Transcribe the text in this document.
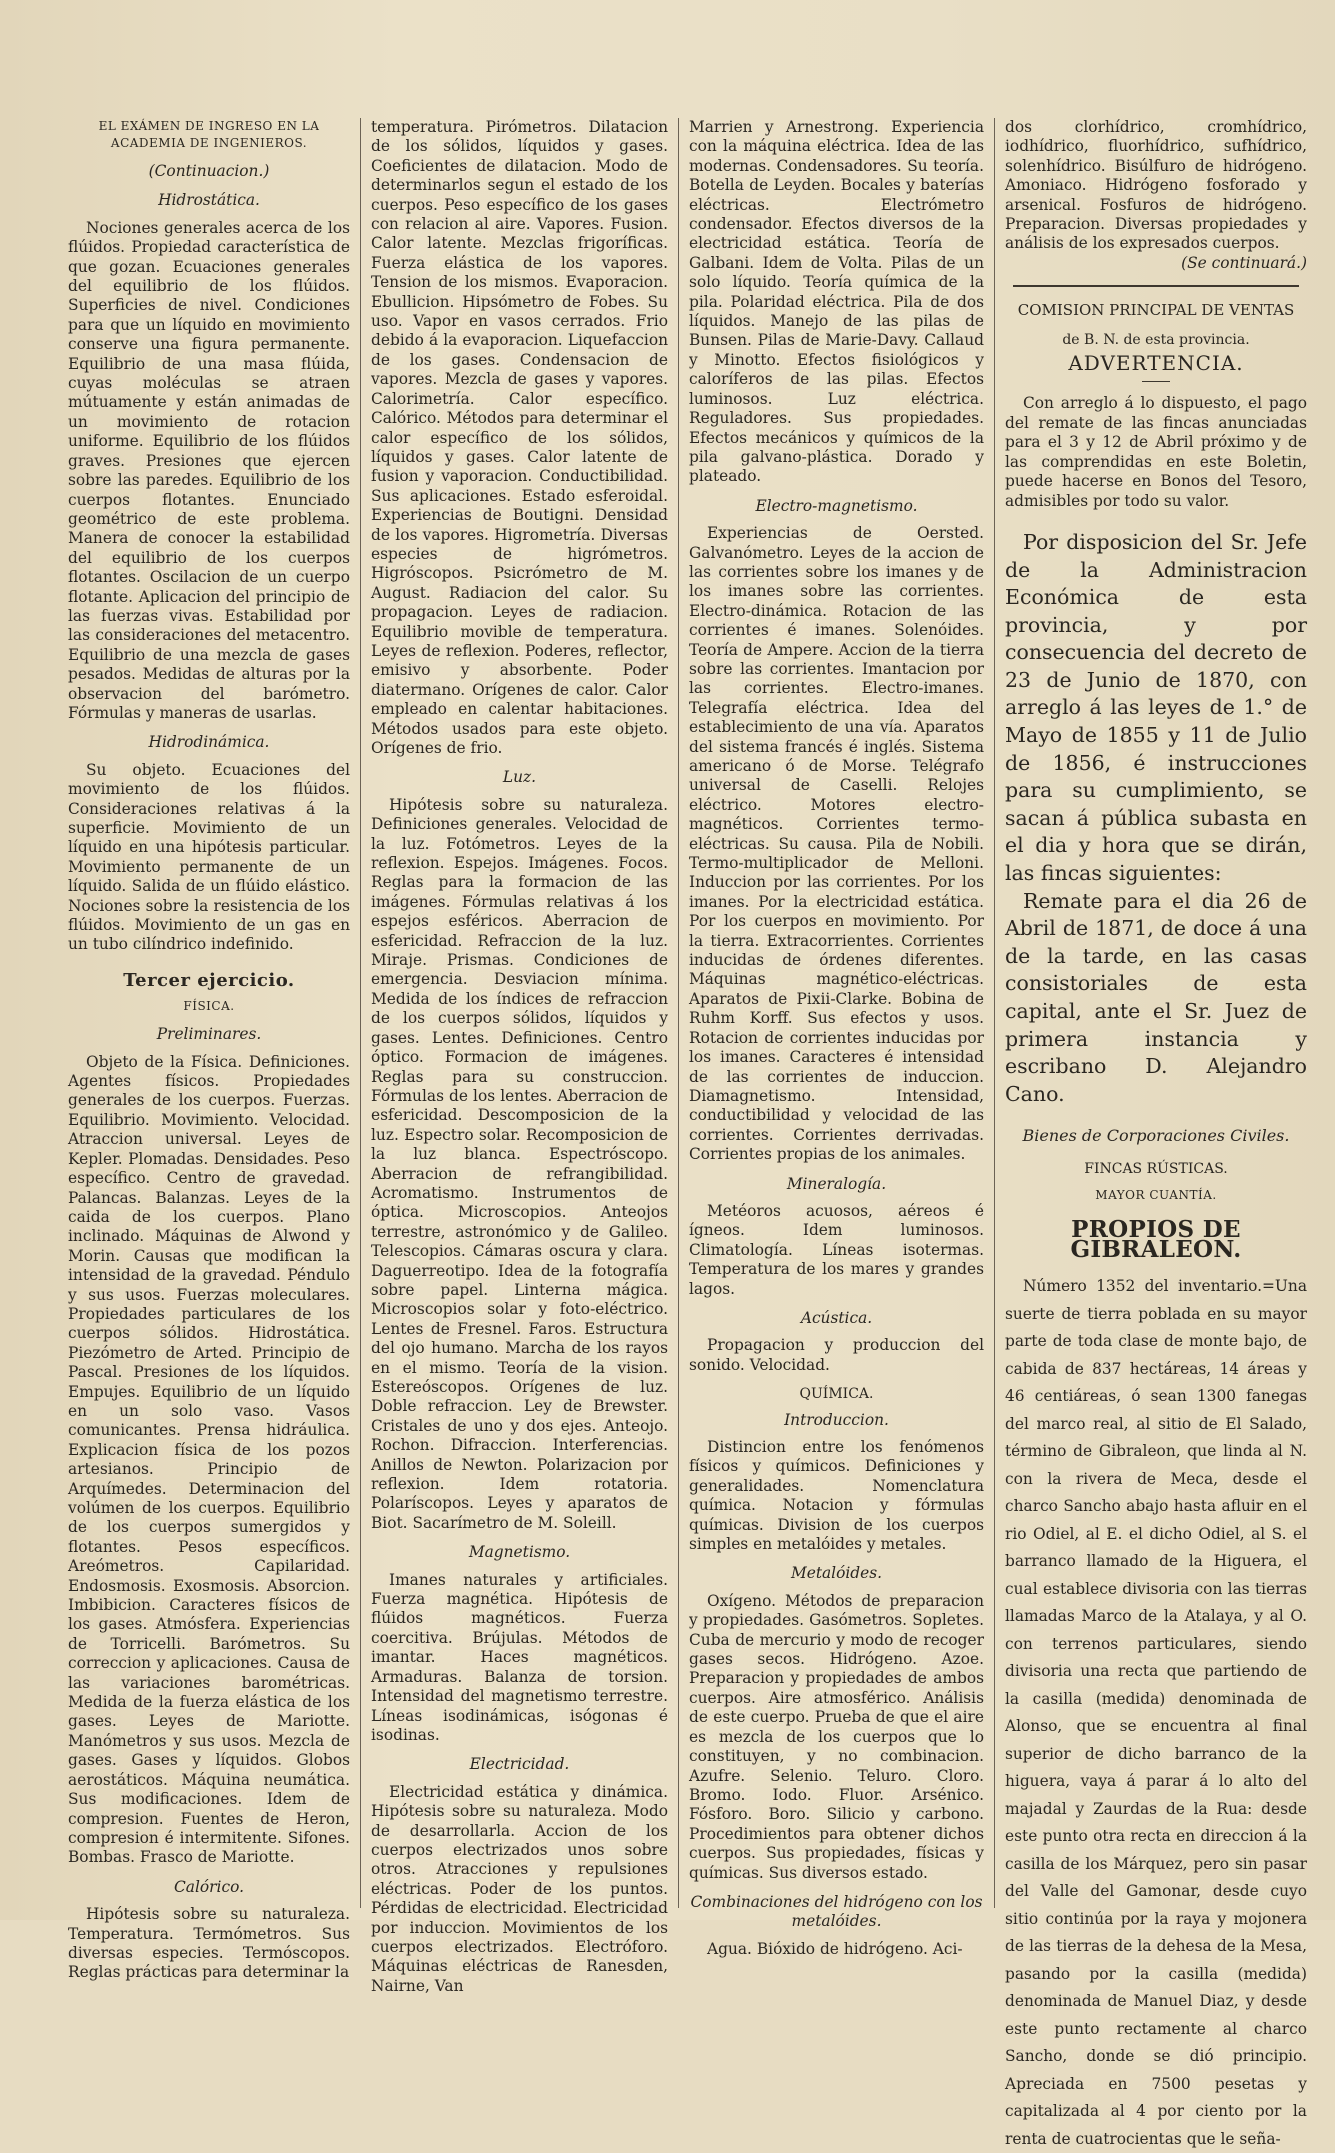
EL EXÁMEN DE INGRESO EN LA ACADEMIA DE INGENIEROS.

(Continuacion.)

Hidrostática.

Nociones generales acerca de los flúidos. Propiedad característica de que gozan. Ecuaciones generales del equilibrio de los flúidos. Superficies de nivel. Condiciones para que un líquido en movimiento conserve una figura permanente. Equilibrio de una masa flúida, cuyas moléculas se atraen mútuamente y están animadas de un movimiento de rotacion uniforme. Equilibrio de los flúidos graves. Presiones que ejercen sobre las paredes. Equilibrio de los cuerpos flotantes. Enunciado geométrico de este problema. Manera de conocer la estabilidad del equilibrio de los cuerpos flotantes. Oscilacion de un cuerpo flotante. Aplicacion del principio de las fuerzas vivas. Estabilidad por las consideraciones del metacentro. Equilibrio de una mezcla de gases pesados. Medidas de alturas por la observacion del barómetro. Fórmulas y maneras de usarlas.

Hidrodinámica.

Su objeto. Ecuaciones del movimiento de los flúidos. Consideraciones relativas á la superficie. Movimiento de un líquido en una hipótesis particular. Movimiento permanente de un líquido. Salida de un flúido elástico. Nociones sobre la resistencia de los flúidos. Movimiento de un gas en un tubo cilíndrico indefinido.

Tercer ejercicio.

FÍSICA.

Preliminares.

Objeto de la Física. Definiciones. Agentes físicos. Propiedades generales de los cuerpos. Fuerzas. Equilibrio. Movimiento. Velocidad. Atraccion universal. Leyes de Kepler. Plomadas. Densidades. Peso específico. Centro de gravedad. Palancas. Balanzas. Leyes de la caida de los cuerpos. Plano inclinado. Máquinas de Alwond y Morin. Causas que modifican la intensidad de la gravedad. Péndulo y sus usos. Fuerzas moleculares. Propiedades particulares de los cuerpos sólidos. Hidrostática. Piezómetro de Arted. Principio de Pascal. Presiones de los líquidos. Empujes. Equilibrio de un líquido en un solo vaso. Vasos comunicantes. Prensa hidráulica. Explicacion física de los pozos artesianos. Principio de Arquímedes. Determinacion del volúmen de los cuerpos. Equilibrio de los cuerpos sumergidos y flotantes. Pesos específicos. Areómetros. Capilaridad. Endosmosis. Exosmosis. Absorcion. Imbibicion. Caracteres físicos de los gases. Atmósfera. Experiencias de Torricelli. Barómetros. Su correccion y aplicaciones. Causa de las variaciones barométricas. Medida de la fuerza elástica de los gases. Leyes de Mariotte. Manómetros y sus usos. Mezcla de gases. Gases y líquidos. Globos aerostáticos. Máquina neumática. Sus modificaciones. Idem de compresion. Fuentes de Heron, compresion é intermitente. Sifones. Bombas. Frasco de Mariotte.

Calórico.

Hipótesis sobre su naturaleza. Temperatura. Termómetros. Sus diversas especies. Termóscopos. Reglas prácticas para determinar la

temperatura. Pirómetros. Dilatacion de los sólidos, líquidos y gases. Coeficientes de dilatacion. Modo de determinarlos segun el estado de los cuerpos. Peso específico de los gases con relacion al aire. Vapores. Fusion. Calor latente. Mezclas frigoríficas. Fuerza elástica de los vapores. Tension de los mismos. Evaporacion. Ebullicion. Hipsómetro de Fobes. Su uso. Vapor en vasos cerrados. Frio debido á la evaporacion. Liquefaccion de los gases. Condensacion de vapores. Mezcla de gases y vapores. Calorimetría. Calor específico. Calórico. Métodos para determinar el calor específico de los sólidos, líquidos y gases. Calor latente de fusion y vaporacion. Conductibilidad. Sus aplicaciones. Estado esferoidal. Experiencias de Boutigni. Densidad de los vapores. Higrometría. Diversas especies de higrómetros. Higróscopos. Psicrómetro de M. August. Radiacion del calor. Su propagacion. Leyes de radiacion. Equilibrio movible de temperatura. Leyes de reflexion. Poderes, reflector, emisivo y absorbente. Poder diatermano. Orígenes de calor. Calor empleado en calentar habitaciones. Métodos usados para este objeto. Orígenes de frio.

Luz.

Hipótesis sobre su naturaleza. Definiciones generales. Velocidad de la luz. Fotómetros. Leyes de la reflexion. Espejos. Imágenes. Focos. Reglas para la formacion de las imágenes. Fórmulas relativas á los espejos esféricos. Aberracion de esfericidad. Refraccion de la luz. Miraje. Prismas. Condiciones de emergencia. Desviacion mínima. Medida de los índices de refraccion de los cuerpos sólidos, líquidos y gases. Lentes. Definiciones. Centro óptico. Formacion de imágenes. Reglas para su construccion. Fórmulas de los lentes. Aberracion de esfericidad. Descomposicion de la luz. Espectro solar. Recomposicion de la luz blanca. Espectróscopo. Aberracion de refrangibilidad. Acromatismo. Instrumentos de óptica. Microscopios. Anteojos terrestre, astronómico y de Galileo. Telescopios. Cámaras oscura y clara. Daguerreotipo. Idea de la fotografía sobre papel. Linterna mágica. Microscopios solar y foto-eléctrico. Lentes de Fresnel. Faros. Estructura del ojo humano. Marcha de los rayos en el mismo. Teoría de la vision. Estereóscopos. Orígenes de luz. Doble refraccion. Ley de Brewster. Cristales de uno y dos ejes. Anteojo. Rochon. Difraccion. Interferencias. Anillos de Newton. Polarizacion por reflexion. Idem rotatoria. Polaríscopos. Leyes y aparatos de Biot. Sacarímetro de M. Soleill.

Magnetismo.

Imanes naturales y artificiales. Fuerza magnética. Hipótesis de flúidos magnéticos. Fuerza coercitiva. Brújulas. Métodos de imantar. Haces magnéticos. Armaduras. Balanza de torsion. Intensidad del magnetismo terrestre. Líneas isodinámicas, isógonas é isodinas.

Electricidad.

Electricidad estática y dinámica. Hipótesis sobre su naturaleza. Modo de desarrollarla. Accion de los cuerpos electrizados unos sobre otros. Atracciones y repulsiones eléctricas. Poder de los puntos. Pérdidas de electricidad. Electricidad por induccion. Movimientos de los cuerpos electrizados. Electróforo. Máquinas eléctricas de Ranesden, Nairne, Van

Marrien y Arnestrong. Experiencia con la máquina eléctrica. Idea de las modernas. Condensadores. Su teoría. Botella de Leyden. Bocales y baterías eléctricas. Electrómetro condensador. Efectos diversos de la electricidad estática. Teoría de Galbani. Idem de Volta. Pilas de un solo líquido. Teoría química de la pila. Polaridad eléctrica. Pila de dos líquidos. Manejo de las pilas de Bunsen. Pilas de Marie-Davy. Callaud y Minotto. Efectos fisiológicos y caloríferos de las pilas. Efectos luminosos. Luz eléctrica. Reguladores. Sus propiedades. Efectos mecánicos y químicos de la pila galvano-plástica. Dorado y plateado.

Electro-magnetismo.

Experiencias de Oersted. Galvanómetro. Leyes de la accion de las corrientes sobre los imanes y de los imanes sobre las corrientes. Electro-dinámica. Rotacion de las corrientes é imanes. Solenóides. Teoría de Ampere. Accion de la tierra sobre las corrientes. Imantacion por las corrientes. Electro-imanes. Telegrafía eléctrica. Idea del establecimiento de una vía. Aparatos del sistema francés é inglés. Sistema americano ó de Morse. Telégrafo universal de Caselli. Relojes eléctrico. Motores electro-magnéticos. Corrientes termo-eléctricas. Su causa. Pila de Nobili. Termo-multiplicador de Melloni. Induccion por las corrientes. Por los imanes. Por la electricidad estática. Por los cuerpos en movimiento. Por la tierra. Extracorrientes. Corrientes inducidas de órdenes diferentes. Máquinas magnético-eléctricas. Aparatos de Pixii-Clarke. Bobina de Ruhm Korff. Sus efectos y usos. Rotacion de corrientes inducidas por los imanes. Caracteres é intensidad de las corrientes de induccion. Diamagnetismo. Intensidad, conductibilidad y velocidad de las corrientes. Corrientes derrivadas. Corrientes propias de los animales.

Mineralogía.

Metéoros acuosos, aéreos é ígneos. Idem luminosos. Climatología. Líneas isotermas. Temperatura de los mares y grandes lagos.

Acústica.

Propagacion y produccion del sonido. Velocidad.

QUÍMICA.

Introduccion.

Distincion entre los fenómenos físicos y químicos. Definiciones y generalidades. Nomenclatura química. Notacion y fórmulas químicas. Division de los cuerpos simples en metalóides y metales.

Metalóides.

Oxígeno. Métodos de preparacion y propiedades. Gasómetros. Sopletes. Cuba de mercurio y modo de recoger gases secos. Hidrógeno. Azoe. Preparacion y propiedades de ambos cuerpos. Aire atmosférico. Análisis de este cuerpo. Prueba de que el aire es mezcla de los cuerpos que lo constituyen, y no combinacion. Azufre. Selenio. Teluro. Cloro. Bromo. Iodo. Fluor. Arsénico. Fósforo. Boro. Silicio y carbono. Procedimientos para obtener dichos cuerpos. Sus propiedades, físicas y químicas. Sus diversos estado.

Combinaciones del hidrógeno con los metalóides.

Agua. Bióxido de hidrógeno. Aci-

dos clorhídrico, cromhídrico, iodhídrico, fluorhídrico, sufhídrico, solenhídrico. Bisúlfuro de hidrógeno. Amoniaco. Hidrógeno fosforado y arsenical. Fosfuros de hidrógeno. Preparacion. Diversas propiedades y análisis de los expresados cuerpos.

(Se continuará.)

COMISION PRINCIPAL DE VENTAS

de B. N. de esta provincia.

ADVERTENCIA.

Con arreglo á lo dispuesto, el pago del remate de las fincas anunciadas para el 3 y 12 de Abril próximo y de las comprendidas en este Boletin, puede hacerse en Bonos del Tesoro, admisibles por todo su valor.

Por disposicion del Sr. Jefe de la Administracion Económica de esta provincia, y por consecuencia del decreto de 23 de Junio de 1870, con arreglo á las leyes de 1.° de Mayo de 1855 y 11 de Julio de 1856, é instrucciones para su cumplimiento, se sacan á pública subasta en el dia y hora que se dirán, las fincas siguientes:

Remate para el dia 26 de Abril de 1871, de doce á una de la tarde, en las casas consistoriales de esta capital, ante el Sr. Juez de primera instancia y escribano D. Alejandro Cano.

Bienes de Corporaciones Civiles.

FINCAS RÚSTICAS.

MAYOR CUANTÍA.

PROPIOS DE GIBRALEON.

Número 1352 del inventario.=Una suerte de tierra poblada en su mayor parte de toda clase de monte bajo, de cabida de 837 hectáreas, 14 áreas y 46 centiáreas, ó sean 1300 fanegas del marco real, al sitio de El Salado, término de Gibraleon, que linda al N. con la rivera de Meca, desde el charco Sancho abajo hasta afluir en el rio Odiel, al E. el dicho Odiel, al S. el barranco llamado de la Higuera, el cual establece divisoria con las tierras llamadas Marco de la Atalaya, y al O. con terrenos particulares, siendo divisoria una recta que partiendo de la casilla (medida) denominada de Alonso, que se encuentra al final superior de dicho barranco de la higuera, vaya á parar á lo alto del majadal y Zaurdas de la Rua: desde este punto otra recta en direccion á la casilla de los Márquez, pero sin pasar del Valle del Gamonar, desde cuyo sitio continúa por la raya y mojonera de las tierras de la dehesa de la Mesa, pasando por la casilla (medida) denominada de Manuel Diaz, y desde este punto rectamente al charco Sancho, donde se dió principio. Apreciada en 7500 pesetas y capitalizada al 4 por ciento por la renta de cuatrocientas que le seña-
